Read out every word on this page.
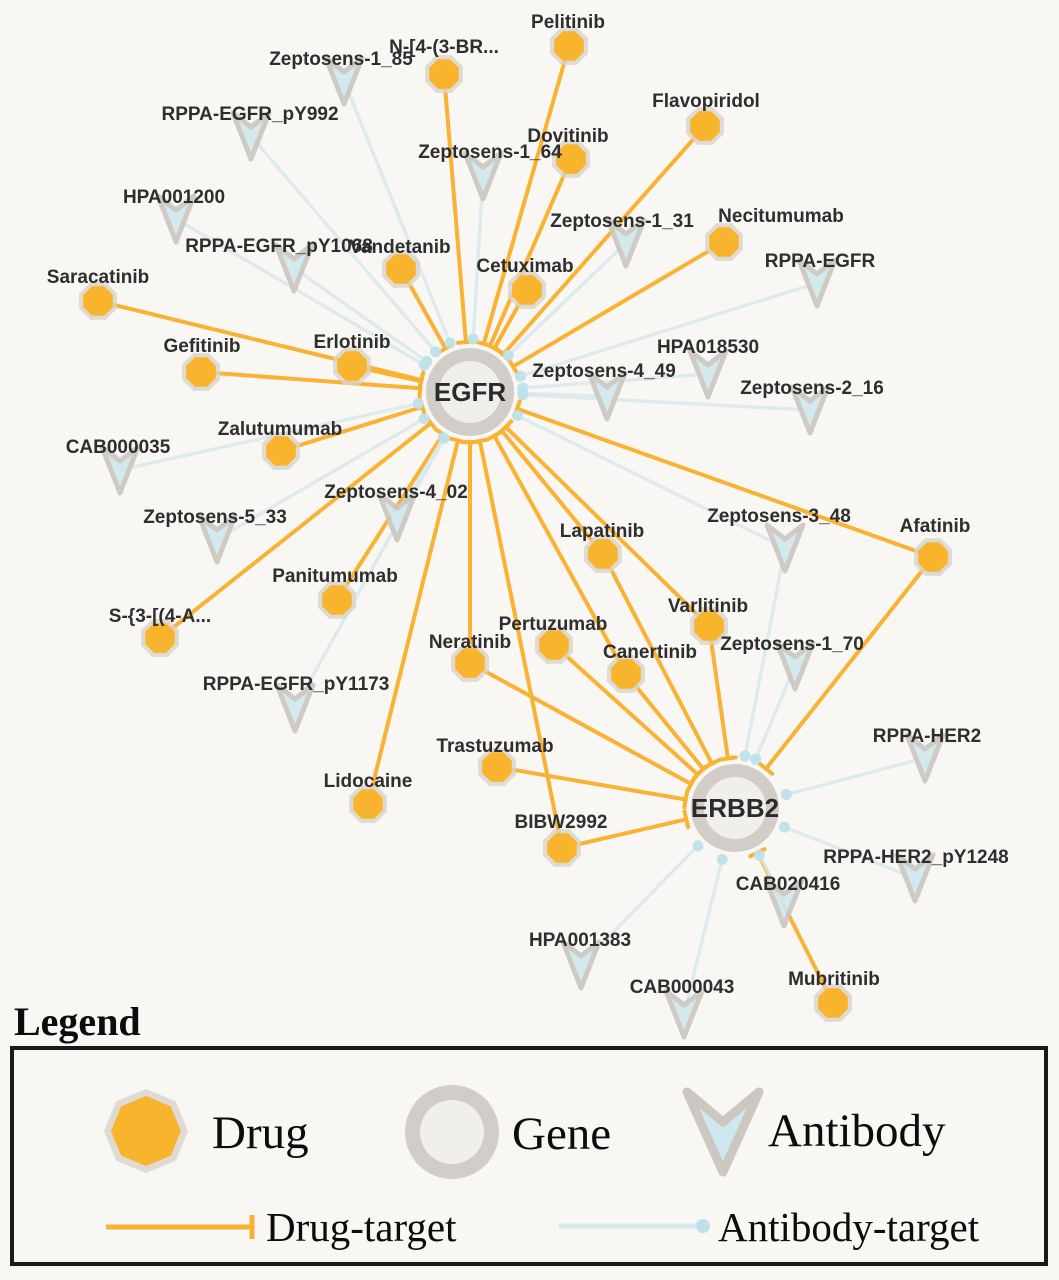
Pelitinib
N-[4-(3-BR...
Flavopiridol
Dovitinib
Vandetanib
Cetuximab
Necitumumab
Saracatinib
Gefitinib	Erlotinib
Zalutumumab
Panitumumab
S-{3-[(4-A...
Lidocaine
Lapatinib	Afatinib
Varlitinib
Neratinib
Pertuzumab
Canertinib
Trastuzumab
BIBW2992
Mubritinib
Zeptosens-1_85
RPPA-EGFR_pY992
HPA001200
RPPA-EGFR_pY1068
Zeptosens-1_64
Zeptosens-1_31
RPPA-EGFR
Zeptosens-4_49
HPA018530
Zeptosens-2_16
CAB000035
Zeptosens-5_33
Zeptosens-4_02
RPPA-EGFR_pY1173
Zeptosens-3_48
Zeptosens-1_70
RPPA-HER2
RPPA-HER2_pY1248
CAB020416
HPA001383
CAB000043
EGFR
ERBB2
Legend
Drug	Gene	Antibody
Drug-target	Antibody-target
